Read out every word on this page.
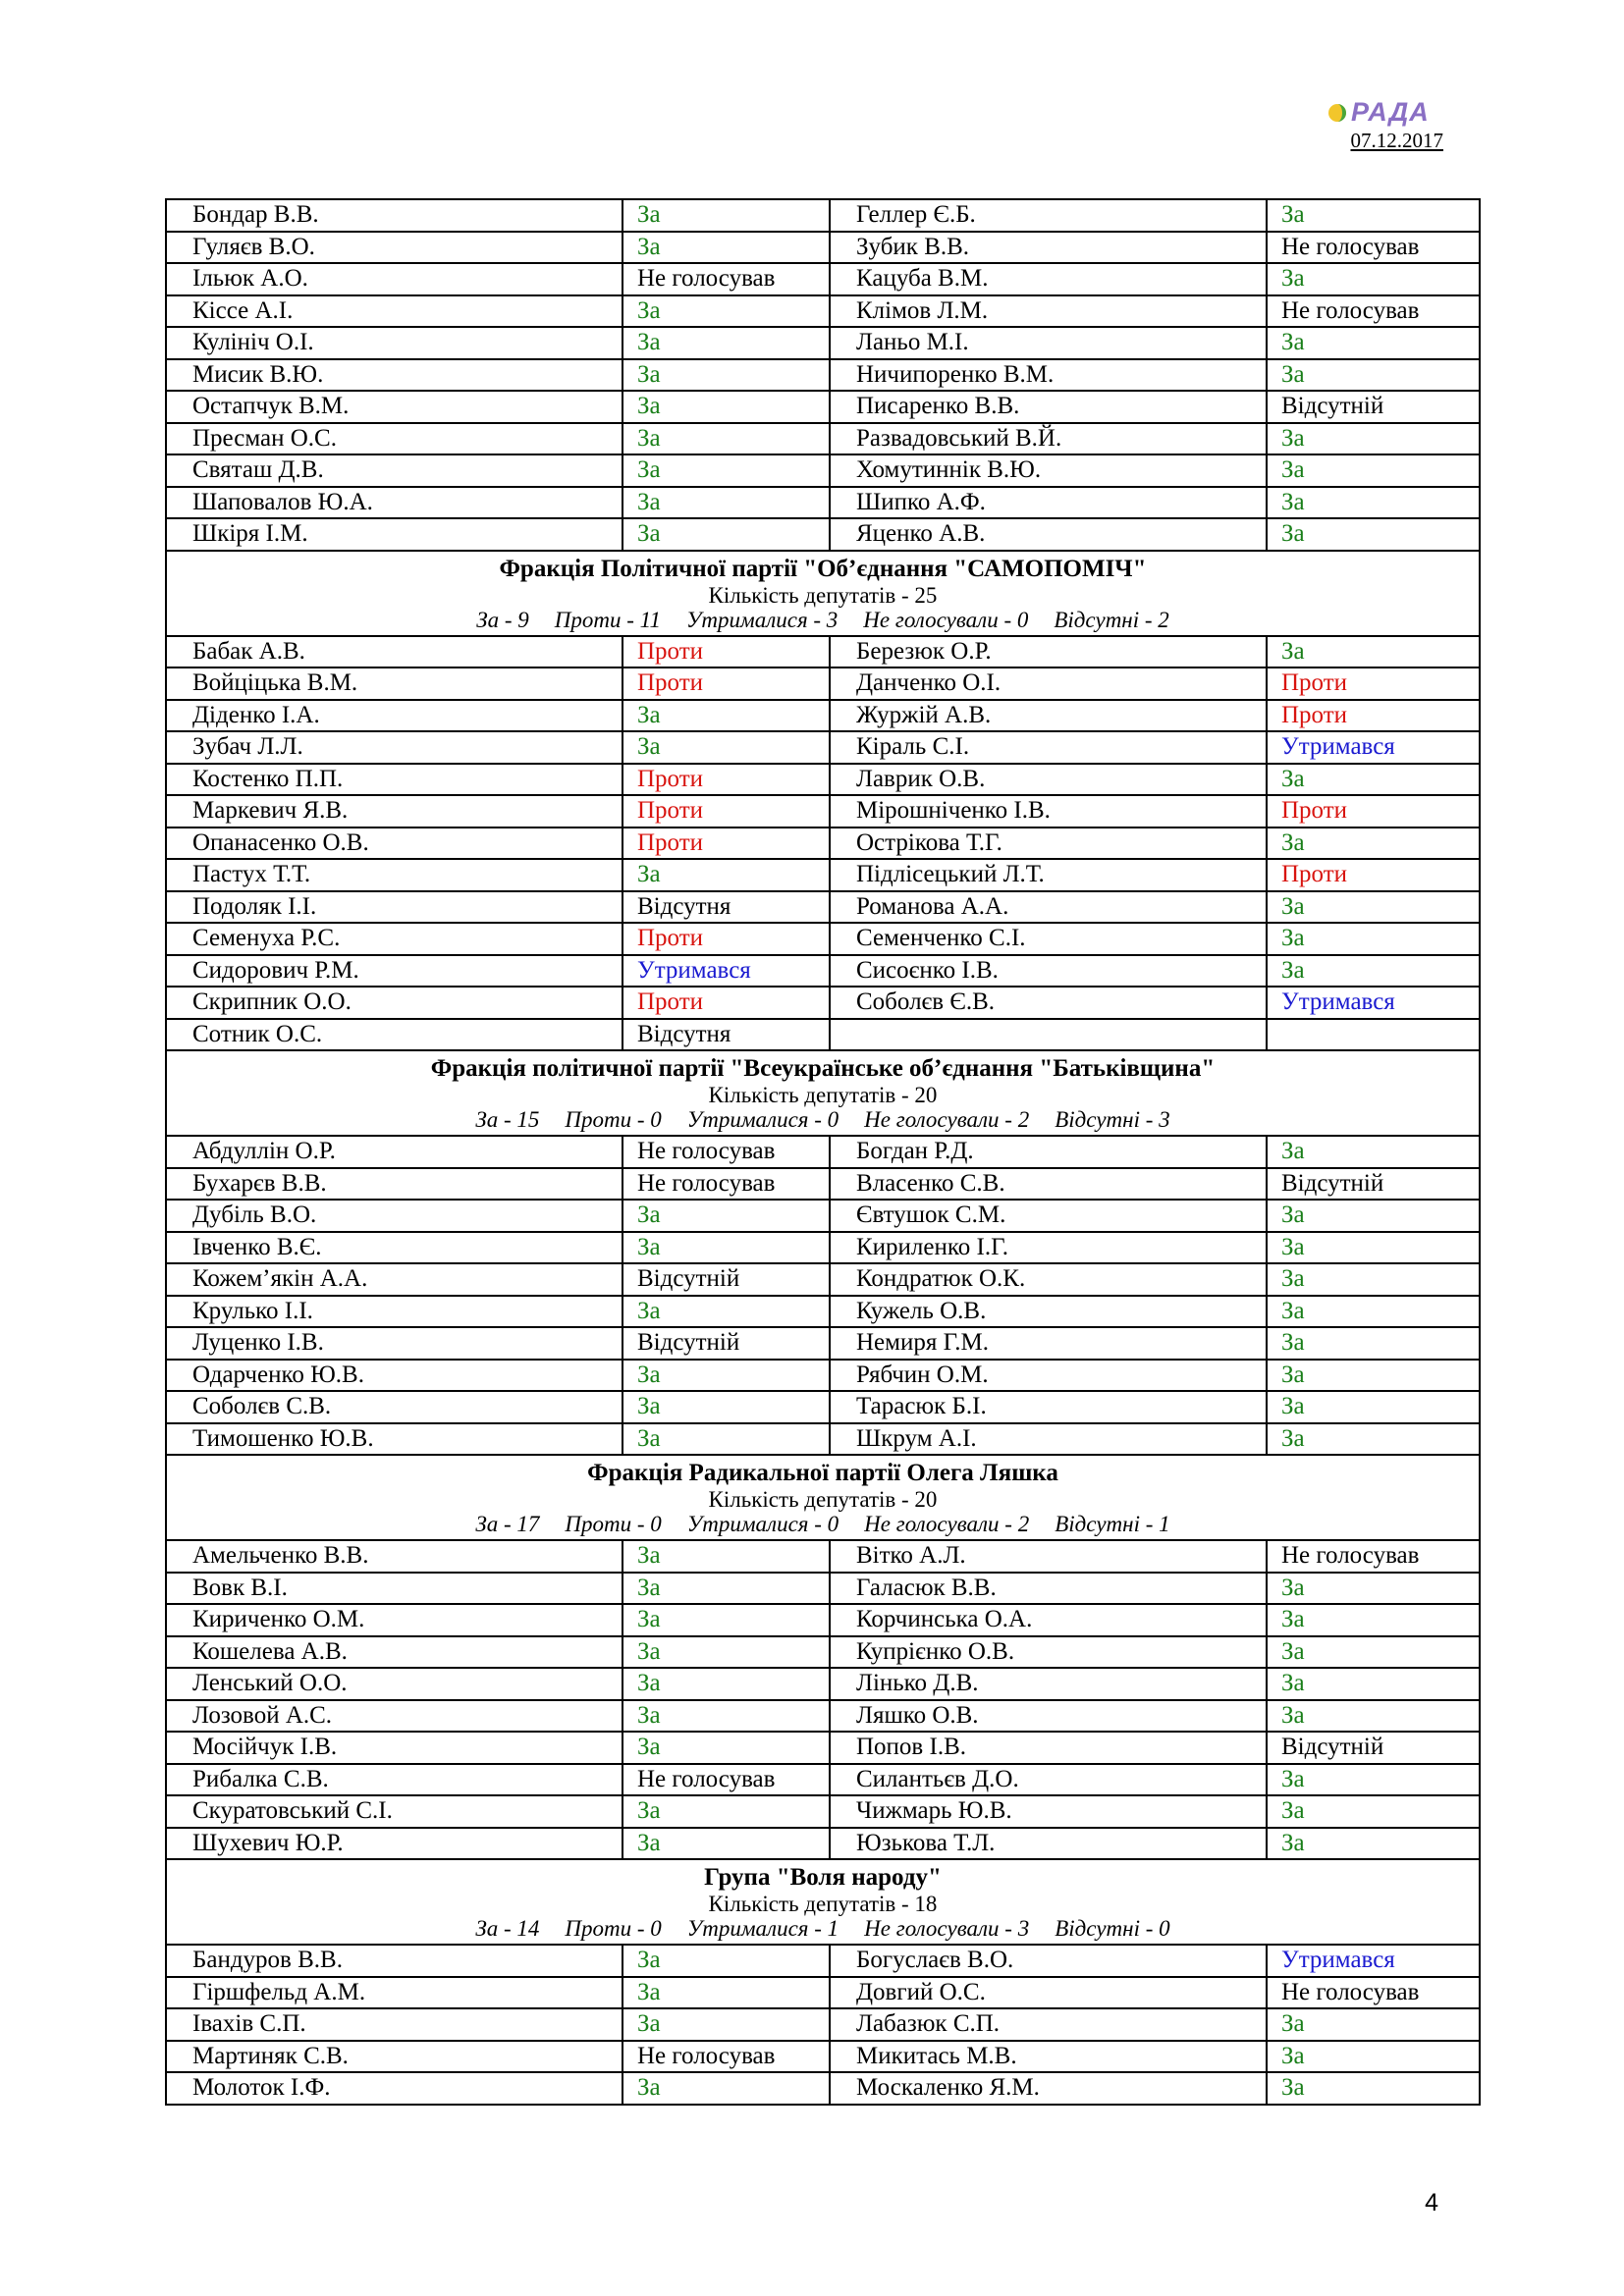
РАДА
07.12.2017
Бондар В.В.	За	Геллер Є.Б.	За
Гуляєв В.О.	За	Зубик В.В.	Не голосував
Ільюк А.О.	Не голосував	Кацуба В.М.	За
Кіссе А.І.	За	Клімов Л.М.	Не голосував
Кулініч О.І.	За	Ланьо М.І.	За
Мисик В.Ю.	За	Ничипоренко В.М.	За
Остапчук В.М.	За	Писаренко В.В.	Відсутній
Пресман О.С.	За	Развадовський В.Й.	За
Святаш Д.В.	За	Хомутиннік В.Ю.	За
Шаповалов Ю.А.	За	Шипко А.Ф.	За
Шкіря І.М.	За	Яценко А.В.	За

Фракція Політичної партії "Об’єднання "САМОПОМІЧ"
Кількість депутатів - 25
За - 9 Проти - 11 Утрималися - 3 Не голосували - 0 Відсутні - 2			

Бабак А.В.	Проти	Березюк О.Р.	За
Войціцька В.М.	Проти	Данченко О.І.	Проти
Діденко І.А.	За	Журжій А.В.	Проти
Зубач Л.Л.	За	Кіраль С.І.	Утримався
Костенко П.П.	Проти	Лаврик О.В.	За
Маркевич Я.В.	Проти	Мірошніченко І.В.	Проти
Опанасенко О.В.	Проти	Острікова Т.Г.	За
Пастух Т.Т.	За	Підлісецький Л.Т.	Проти
Подоляк І.І.	Відсутня	Романова А.А.	За
Семенуха Р.С.	Проти	Семенченко С.І.	За
Сидорович Р.М.	Утримався	Сисоєнко І.В.	За
Скрипник О.О.	Проти	Соболєв Є.В.	Утримався
Сотник О.С.	Відсутня		

Фракція політичної партії "Всеукраїнське об’єднання "Батьківщина"
Кількість депутатів - 20
За - 15 Проти - 0 Утрималися - 0 Не голосували - 2 Відсутні - 3			

Абдуллін О.Р.	Не голосував	Богдан Р.Д.	За
Бухарєв В.В.	Не голосував	Власенко С.В.	Відсутній
Дубіль В.О.	За	Євтушок С.М.	За
Івченко В.Є.	За	Кириленко І.Г.	За
Кожем’якін А.А.	Відсутній	Кондратюк О.К.	За
Крулько І.І.	За	Кужель О.В.	За
Луценко І.В.	Відсутній	Немиря Г.М.	За
Одарченко Ю.В.	За	Рябчин О.М.	За
Соболєв С.В.	За	Тарасюк Б.І.	За
Тимошенко Ю.В.	За	Шкрум А.І.	За

Фракція Радикальної партії Олега Ляшка
Кількість депутатів - 20
За - 17 Проти - 0 Утрималися - 0 Не голосували - 2 Відсутні - 1			

Амельченко В.В.	За	Вітко А.Л.	Не голосував
Вовк В.І.	За	Галасюк В.В.	За
Кириченко О.М.	За	Корчинська О.А.	За
Кошелева А.В.	За	Купрієнко О.В.	За
Ленський О.О.	За	Лінько Д.В.	За
Лозовой А.С.	За	Ляшко О.В.	За
Мосійчук І.В.	За	Попов І.В.	Відсутній
Рибалка С.В.	Не голосував	Силантьєв Д.О.	За
Скуратовський С.І.	За	Чижмарь Ю.В.	За
Шухевич Ю.Р.	За	Юзькова Т.Л.	За

Група "Воля народу"
Кількість депутатів - 18
За - 14 Проти - 0 Утрималися - 1 Не голосували - 3 Відсутні - 0			

Бандуров В.В.	За	Богуслаєв В.О.	Утримався
Гіршфельд А.М.	За	Довгий О.С.	Не голосував
Івахів С.П.	За	Лабазюк С.П.	За
Мартиняк С.В.	Не голосував	Микитась М.В.	За
Молоток І.Ф.	За	Москаленко Я.М.	За
4
